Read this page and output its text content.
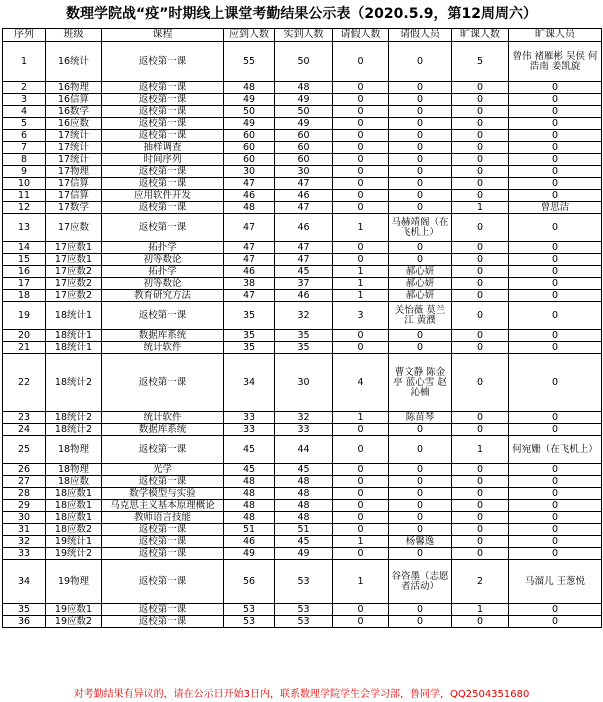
数理学院战“疫”时期线上课堂考勤结果公示表（2020.5.9，第12周周六）
序列	班级	课程	应到人数	实到人数	请假人数	请假人员	旷课人数	旷课人员
1	16统计	返校第一课	55	50	0	0	5	曾伟 褚雁彬 吴侯 何浩南 姜凯旋
2	16物理	返校第一课	48	48	0	0	0	0
3	16信算	返校第一课	49	49	0	0	0	0
4	16数学	返校第一课	50	50	0	0	0	0
5	16应数	返校第一课	49	49	0	0	0	0
6	17统计	返校第一课	60	60	0	0	0	0
7	17统计	抽样调查	60	60	0	0	0	0
8	17统计	时间序列	60	60	0	0	0	0
9	17物理	返校第一课	30	30	0	0	0	0
10	17信算	返校第一课	47	47	0	0	0	0
11	17信算	应用软件开发	46	46	0	0	0	0
12	17数学	返校第一课	48	47	0	0	1	曾思洁
13	17应数	返校第一课	47	46	1	马赫靖阁（在飞机上）	0	0
14	17应数1	拓扑学	47	47	0	0	0	0
15	17应数1	初等数论	47	47	0	0	0	0
16	17应数2	拓扑学	46	45	1	郝心妍	0	0
17	17应数2	初等数论	38	37	1	郝心妍	0	0
18	17应数2	教育研究方法	47	46	1	郝心妍	0	0
19	18统计1	返校第一课	35	32	3	关怡薇 莫兰江 黄濮	0	0
20	18统计1	数据库系统	35	35	0	0	0	0
21	18统计1	统计软件	35	35	0	0	0	0
22	18统计2	返校第一课	34	30	4	曹文静 陈金亭 蓝心雪 赵沁楠	0	0
23	18统计2	统计软件	33	32	1	陈苗琴	0	0
24	18统计2	数据库系统	33	33	0	0	0	0
25	18物理	返校第一课	45	44	0	0	1	何宛姗（在飞机上）
26	18物理	光学	45	45	0	0	0	0
27	18应数	返校第一课	48	48	0	0	0	0
28	18应数1	数学模型与实验	48	48	0	0	0	0
29	18应数1	马克思主义基本原理概论	48	48	0	0	0	0
30	18应数1	教师语言技能	48	48	0	0	0	0
31	18应数2	返校第一课	51	51	0	0	0	0
32	19统计1	返校第一课	46	45	1	杨馨逸	0	0
33	19统计2	返校第一课	49	49	0	0	0	0
34	19物理	返校第一课	56	53	1	谷咨墨（志愿者活动）	2	马溜儿 王葱悦
35	19应数1	返校第一课	53	53	0	0	1	0
36	19应数2	返校第一课	53	53	0	0	0	0
对考勤结果有异议的，请在公示日开始3日内，联系数理学院学生会学习部，鲁同学，QQ2504351680
